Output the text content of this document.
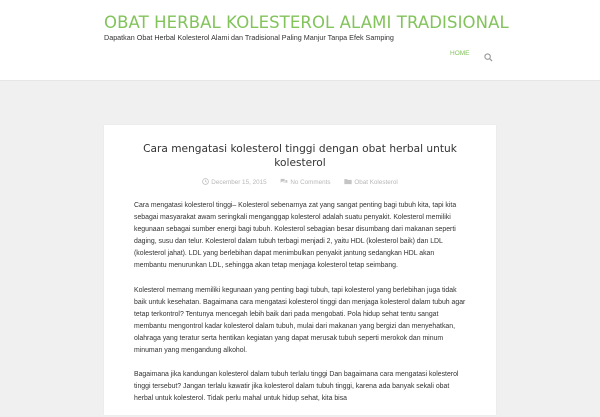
OBAT HERBAL KOLESTEROL ALAMI TRADISIONAL
Dapatkan Obat Herbal Kolesterol Alami dan Tradisional Paling Manjur Tanpa Efek Samping
HOME
Cara mengatasi kolesterol tinggi dengan obat herbal untuk kolesterol
December 15, 2015	No Comments	Obat Kolesterol

Cara mengatasi kolesterol tinggi– Kolesterol sebenarnya zat yang sangat penting bagi tubuh kita, tapi kita sebagai masyarakat awam seringkali menganggap kolesterol adalah suatu penyakit. Kolesterol memiliki kegunaan sebagai sumber energi bagi tubuh. Kolesterol sebagian besar disumbang dari makanan seperti daging, susu dan telur. Kolesterol dalam tubuh terbagi menjadi 2, yaitu HDL (kolesterol baik) dan LDL (kolesterol jahat). LDL yang berlebihan dapat menimbulkan penyakit jantung sedangkan HDL akan membantu menurunkan LDL, sehingga akan tetap menjaga kolesterol tetap seimbang.

Kolesterol memang memiliki kegunaan yang penting bagi tubuh, tapi kolesterol yang berlebihan juga tidak baik untuk kesehatan. Bagaimana cara mengatasi kolesterol tinggi dan menjaga kolesterol dalam tubuh agar tetap terkontrol? Tentunya mencegah lebih baik dari pada mengobati. Pola hidup sehat tentu sangat membantu mengontrol kadar kolesterol dalam tubuh, mulai dari makanan yang bergizi dan menyehatkan, olahraga yang teratur serta hentikan kegiatan yang dapat merusak tubuh seperti merokok dan minum minuman yang mengandung alkohol.

Bagaimana jika kandungan kolesterol dalam tubuh terlalu tinggi Dan bagaimana cara mengatasi kolesterol tinggi tersebut? Jangan terlalu kawatir jika kolesterol dalam tubuh tinggi, karena ada banyak sekali obat herbal untuk kolesterol. Tidak perlu mahal untuk hidup sehat, kita bisa
